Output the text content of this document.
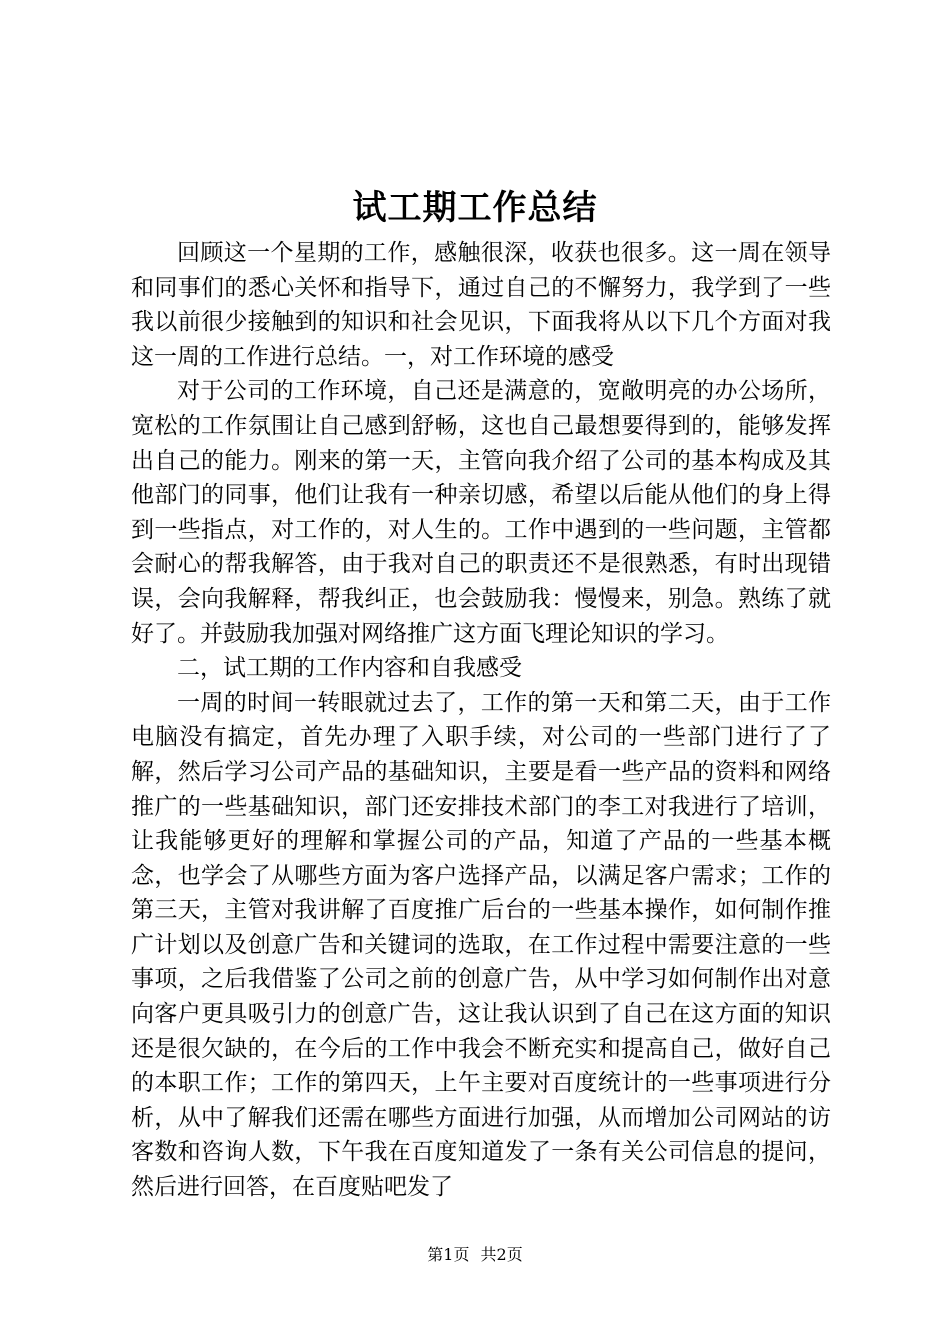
试工期工作总结

回顾这一个星期的工作，感触很深，收获也很多。这一周在领导和同事们的悉心关怀和指导下，通过自己的不懈努力，我学到了一些我以前很少接触到的知识和社会见识，下面我将从以下几个方面对我这一周的工作进行总结。一，对工作环境的感受

对于公司的工作环境，自己还是满意的，宽敞明亮的办公场所，宽松的工作氛围让自己感到舒畅，这也自己最想要得到的，能够发挥出自己的能力。刚来的第一天，主管向我介绍了公司的基本构成及其他部门的同事，他们让我有一种亲切感，希望以后能从他们的身上得到一些指点，对工作的，对人生的。工作中遇到的一些问题，主管都会耐心的帮我解答，由于我对自己的职责还不是很熟悉，有时出现错误，会向我解释，帮我纠正，也会鼓励我：慢慢来，别急。熟练了就好了。并鼓励我加强对网络推广这方面飞理论知识的学习。

二，试工期的工作内容和自我感受

一周的时间一转眼就过去了，工作的第一天和第二天，由于工作电脑没有搞定，首先办理了入职手续，对公司的一些部门进行了了解，然后学习公司产品的基础知识，主要是看一些产品的资料和网络推广的一些基础知识，部门还安排技术部门的李工对我进行了培训，让我能够更好的理解和掌握公司的产品，知道了产品的一些基本概念，也学会了从哪些方面为客户选择产品，以满足客户需求；工作的第三天，主管对我讲解了百度推广后台的一些基本操作，如何制作推广计划以及创意广告和关键词的选取，在工作过程中需要注意的一些事项，之后我借鉴了公司之前的创意广告，从中学习如何制作出对意向客户更具吸引力的创意广告，这让我认识到了自己在这方面的知识还是很欠缺的，在今后的工作中我会不断充实和提高自己，做好自己的本职工作；工作的第四天，上午主要对百度统计的一些事项进行分析，从中了解我们还需在哪些方面进行加强，从而增加公司网站的访客数和咨询人数，下午我在百度知道发了一条有关公司信息的提问，然后进行回答，在百度贴吧发了

第1页 共2页
